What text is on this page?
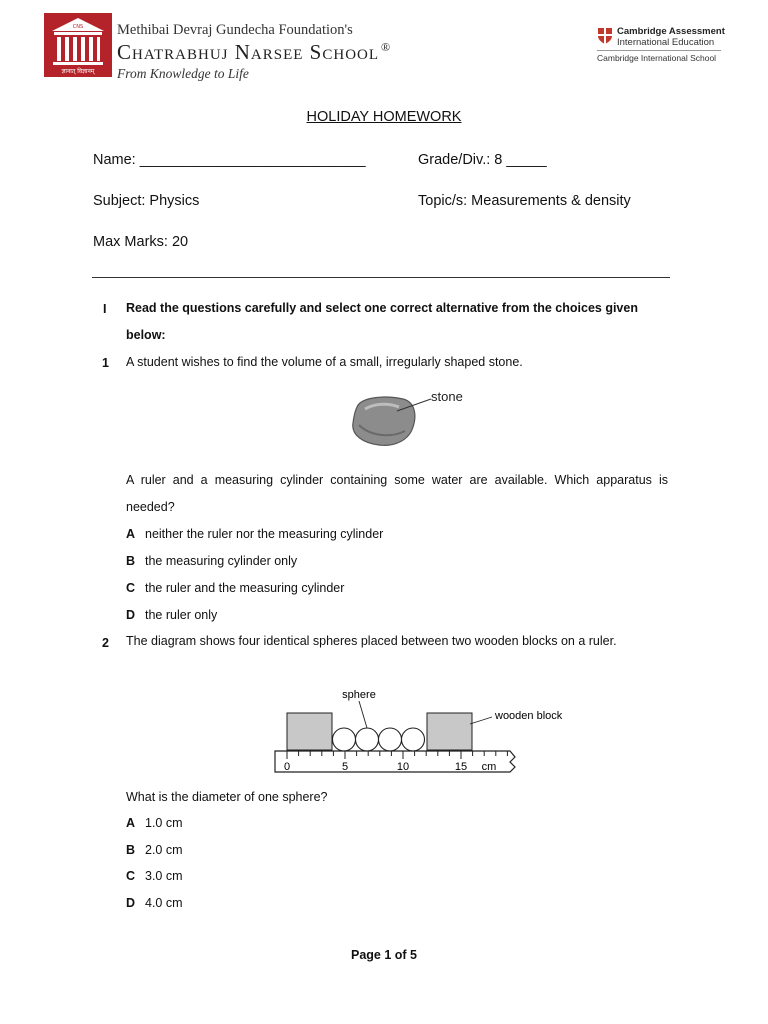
CNS
ज्ञानात् विज्ञानम्
Methibai Devraj Gundecha Foundation's
Chatrabhuj Narsee School ®
From Knowledge to Life
Cambridge Assessment
International Education
Cambridge International School
HOLIDAY HOMEWORK
Name: ____________________________	Grade/Div.: 8 _____
Subject: Physics	Topic/s: Measurements & density
Max Marks: 20
I Read the questions carefully and select one correct alternative from the choices given below:
1 A student wishes to find the volume of a small, irregularly shaped stone.
stone
A ruler and a measuring cylinder containing some water are available. Which apparatus is needed?
A neither the ruler nor the measuring cylinder
B the measuring cylinder only
C the ruler and the measuring cylinder
D the ruler only
2 The diagram shows four identical spheres placed between two wooden blocks on a ruler.
0	5	10	15 cm
sphere
wooden block
What is the diameter of one sphere?
A 1.0 cm
B 2.0 cm
C 3.0 cm
D 4.0 cm
Page 1 of 5
